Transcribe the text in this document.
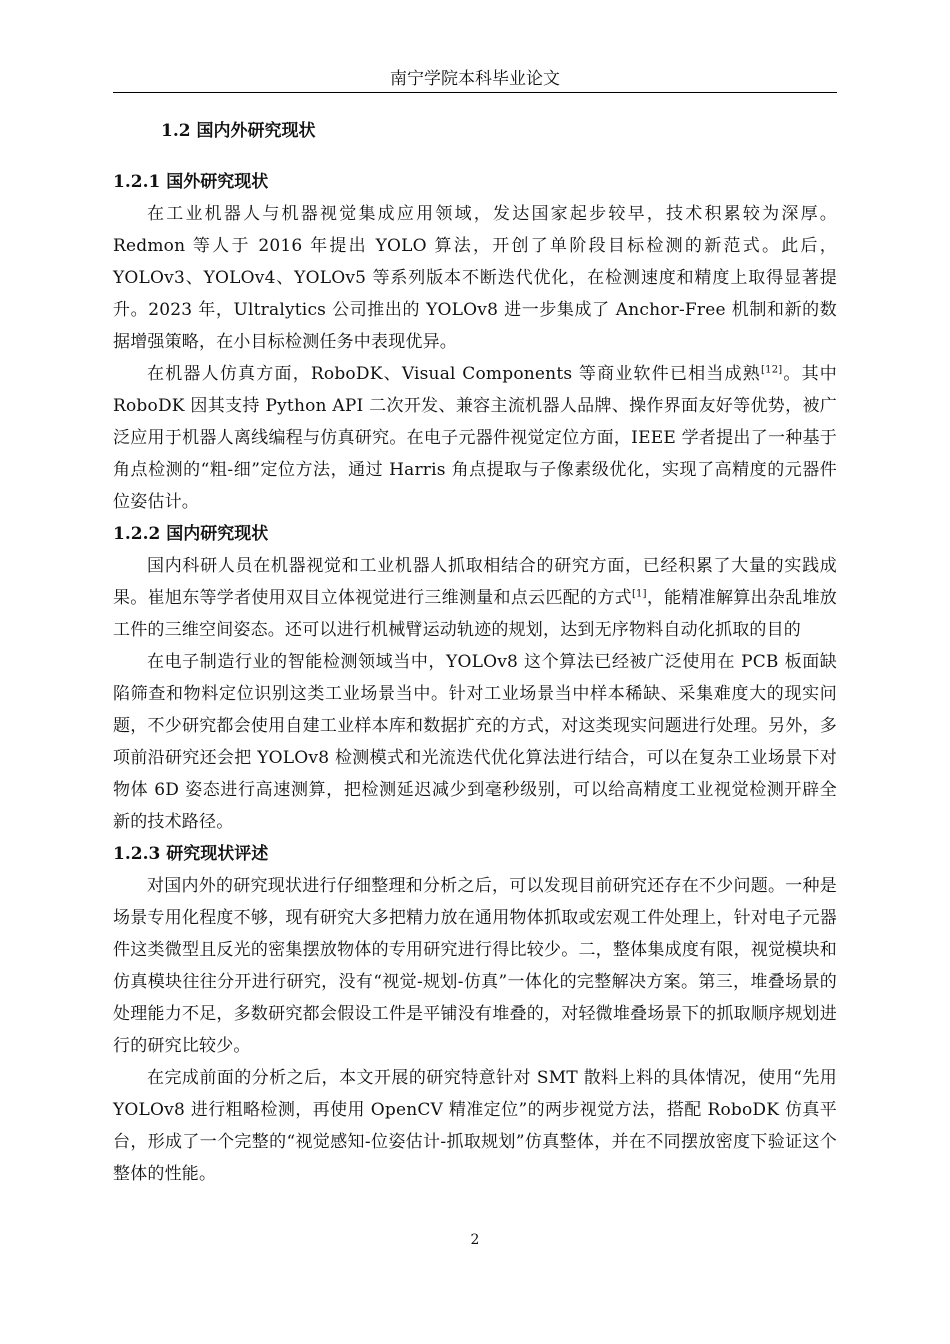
南宁学院本科毕业论文
1.2 国内外研究现状
1.2.1 国外研究现状

在工业机器人与机器视觉集成应用领域，发达国家起步较早，技术积累较为深厚。Redmon 等人于 2016 年提出 YOLO 算法，开创了单阶段目标检测的新范式。此后，YOLOv3、YOLOv4、YOLOv5 等系列版本不断迭代优化，在检测速度和精度上取得显著提升。2023 年，Ultralytics 公司推出的 YOLOv8 进一步集成了 Anchor-Free 机制和新的数据增强策略，在小目标检测任务中表现优异。

在机器人仿真方面，RoboDK、Visual Components 等商业软件已相当成熟[12]。其中 RoboDK 因其支持 Python API 二次开发、兼容主流机器人品牌、操作界面友好等优势，被广泛应用于机器人离线编程与仿真研究。在电子元器件视觉定位方面，IEEE 学者提出了一种基于角点检测的“粗-细”定位方法，通过 Harris 角点提取与子像素级优化，实现了高精度的元器件位姿估计。

1.2.2 国内研究现状

国内科研人员在机器视觉和工业机器人抓取相结合的研究方面，已经积累了大量的实践成果。崔旭东等学者使用双目立体视觉进行三维测量和点云匹配的方式[1]，能精准解算出杂乱堆放工件的三维空间姿态。还可以进行机械臂运动轨迹的规划，达到无序物料自动化抓取的目的

在电子制造行业的智能检测领域当中，YOLOv8 这个算法已经被广泛使用在 PCB 板面缺陷筛查和物料定位识别这类工业场景当中。针对工业场景当中样本稀缺、采集难度大的现实问题，不少研究都会使用自建工业样本库和数据扩充的方式，对这类现实问题进行处理。另外，多项前沿研究还会把 YOLOv8 检测模式和光流迭代优化算法进行结合，可以在复杂工业场景下对物体 6D 姿态进行高速测算，把检测延迟减少到毫秒级别，可以给高精度工业视觉检测开辟全新的技术路径。

1.2.3 研究现状评述

对国内外的研究现状进行仔细整理和分析之后，可以发现目前研究还存在不少问题。一种是场景专用化程度不够，现有研究大多把精力放在通用物体抓取或宏观工件处理上，针对电子元器件这类微型且反光的密集摆放物体的专用研究进行得比较少。二，整体集成度有限，视觉模块和仿真模块往往分开进行研究，没有“视觉-规划-仿真”一体化的完整解决方案。第三，堆叠场景的处理能力不足，多数研究都会假设工件是平铺没有堆叠的，对轻微堆叠场景下的抓取顺序规划进行的研究比较少。

在完成前面的分析之后，本文开展的研究特意针对 SMT 散料上料的具体情况，使用“先用 YOLOv8 进行粗略检测，再使用 OpenCV 精准定位”的两步视觉方法，搭配 RoboDK 仿真平台，形成了一个完整的“视觉感知-位姿估计-抓取规划”仿真整体，并在不同摆放密度下验证这个整体的性能。

2
